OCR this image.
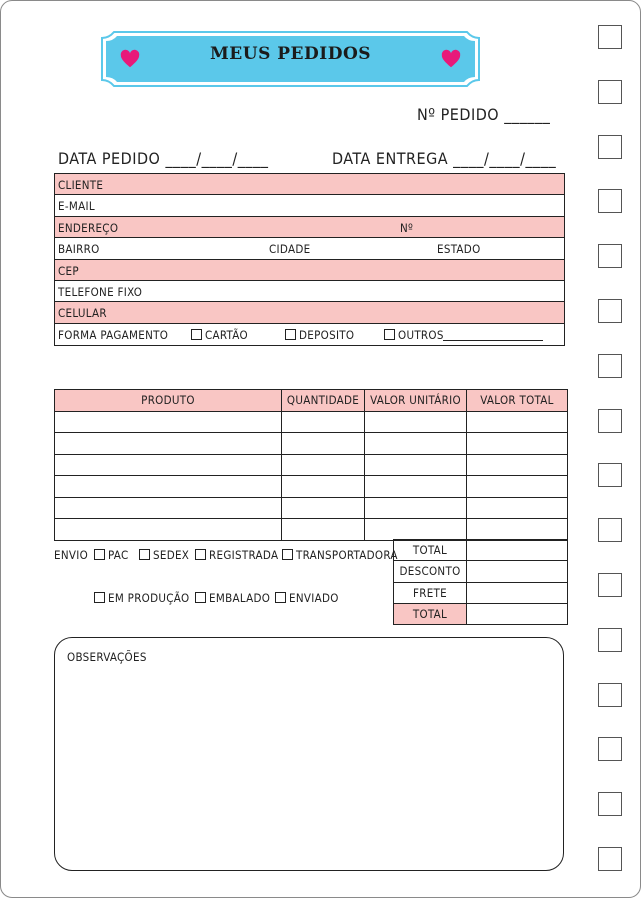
MEUS PEDIDOS
Nº PEDIDO ______
DATA PEDIDO ____/____/____	DATA ENTREGA ____/____/____
CLIENTE
E-MAIL
ENDEREÇO	Nº
BAIRRO	CIDADE	ESTADO
CEP
TELEFONE FIXO
CELULAR
FORMA PAGAMENTO	CARTÃO	DEPOSITO	OUTROS
PRODUTO	QUANTIDADE	VALOR UNITÁRIO	VALOR TOTAL

ENVIO	PAC	SEDEX	REGISTRADA	TRANSPORTADORA
EM PRODUÇÃO	EMBALADO	ENVIADO
TOTAL	
DESCONTO	
FRETE	
TOTAL	
OBSERVAÇÕES
